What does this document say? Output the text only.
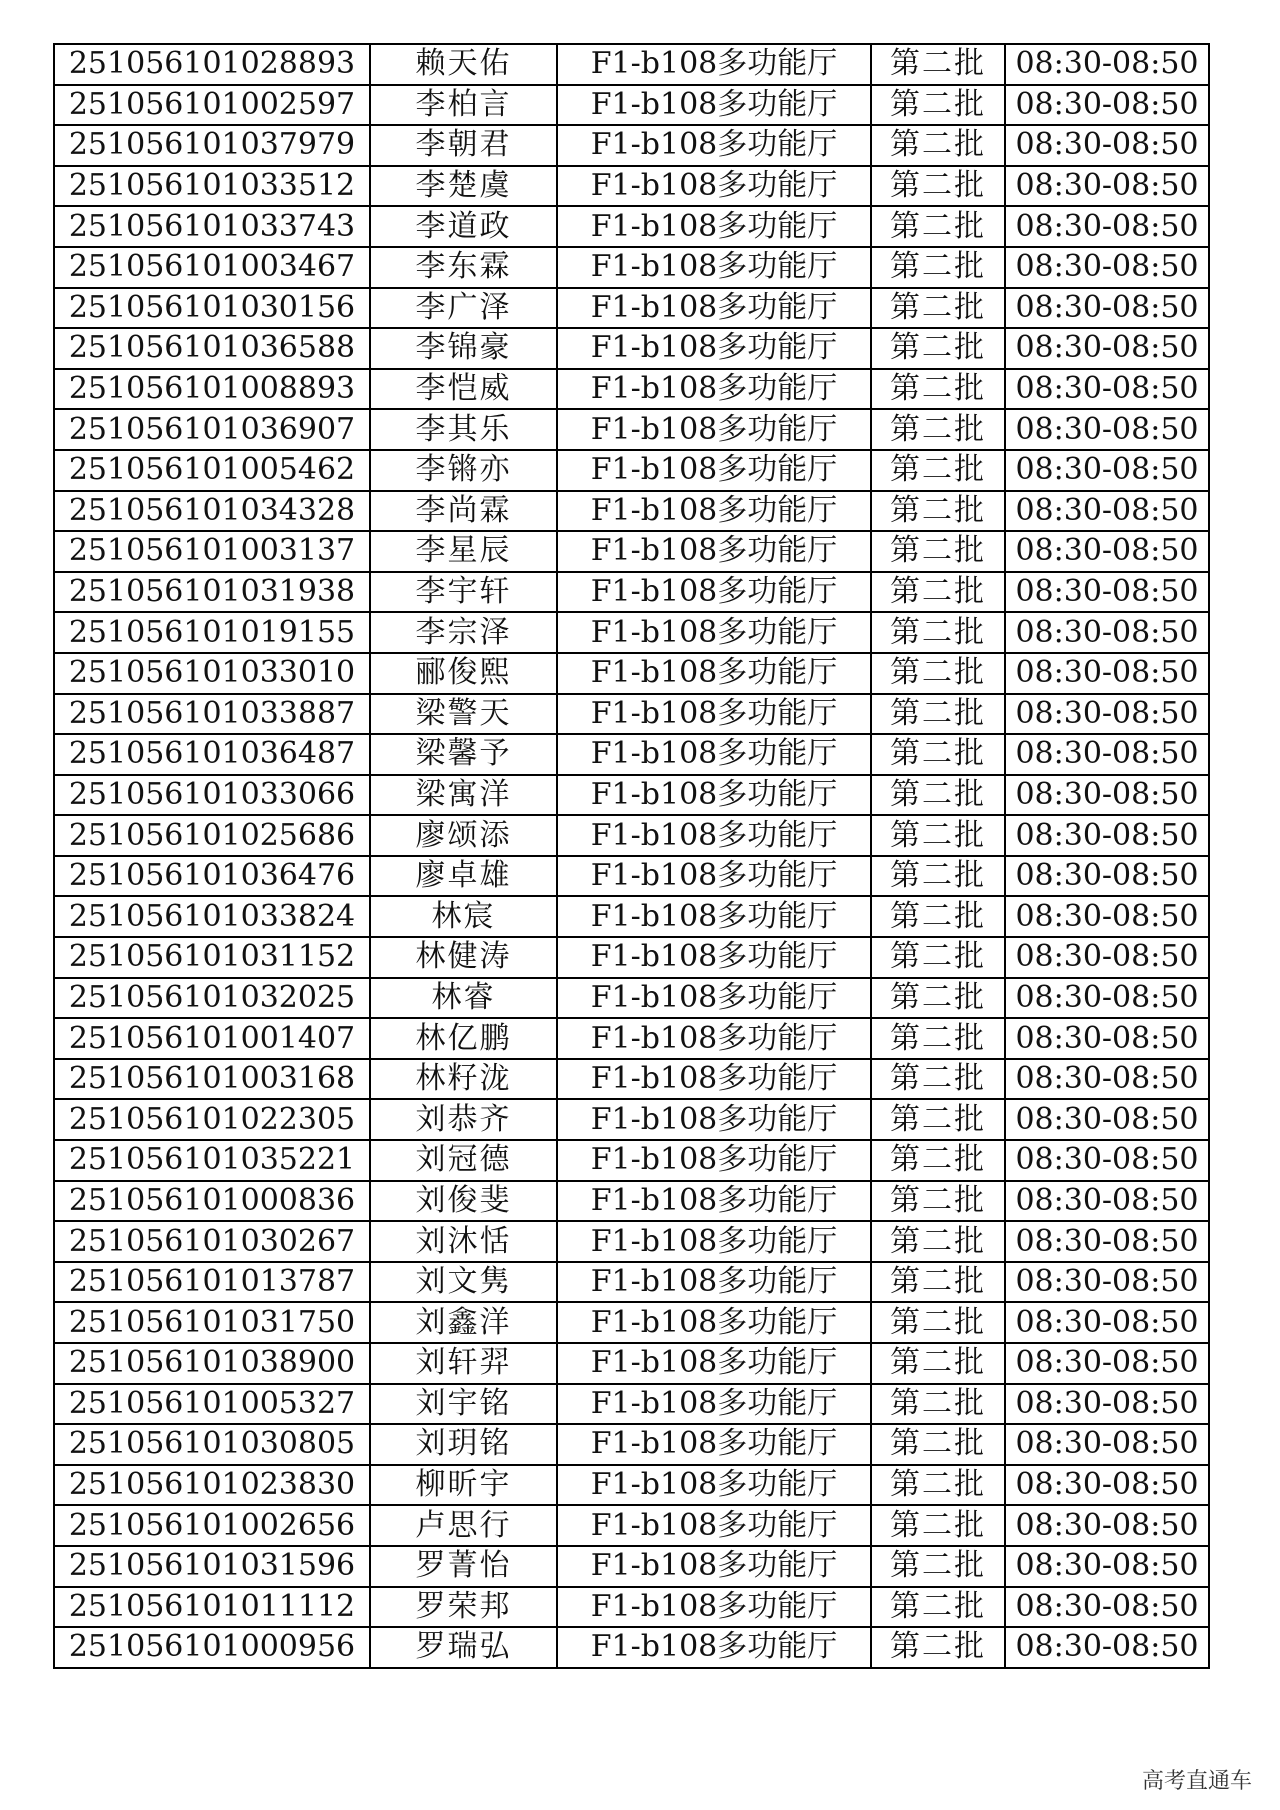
251056101028893	赖天佑	F1-b108多功能厅	第二批	08:30-08:50
251056101002597	李柏言	F1-b108多功能厅	第二批	08:30-08:50
251056101037979	李朝君	F1-b108多功能厅	第二批	08:30-08:50
251056101033512	李楚虞	F1-b108多功能厅	第二批	08:30-08:50
251056101033743	李道政	F1-b108多功能厅	第二批	08:30-08:50
251056101003467	李东霖	F1-b108多功能厅	第二批	08:30-08:50
251056101030156	李广泽	F1-b108多功能厅	第二批	08:30-08:50
251056101036588	李锦豪	F1-b108多功能厅	第二批	08:30-08:50
251056101008893	李恺威	F1-b108多功能厅	第二批	08:30-08:50
251056101036907	李其乐	F1-b108多功能厅	第二批	08:30-08:50
251056101005462	李锵亦	F1-b108多功能厅	第二批	08:30-08:50
251056101034328	李尚霖	F1-b108多功能厅	第二批	08:30-08:50
251056101003137	李星辰	F1-b108多功能厅	第二批	08:30-08:50
251056101031938	李宇轩	F1-b108多功能厅	第二批	08:30-08:50
251056101019155	李宗泽	F1-b108多功能厅	第二批	08:30-08:50
251056101033010	郦俊熙	F1-b108多功能厅	第二批	08:30-08:50
251056101033887	梁警天	F1-b108多功能厅	第二批	08:30-08:50
251056101036487	梁馨予	F1-b108多功能厅	第二批	08:30-08:50
251056101033066	梁寓洋	F1-b108多功能厅	第二批	08:30-08:50
251056101025686	廖颂添	F1-b108多功能厅	第二批	08:30-08:50
251056101036476	廖卓雄	F1-b108多功能厅	第二批	08:30-08:50
251056101033824	林宸	F1-b108多功能厅	第二批	08:30-08:50
251056101031152	林健涛	F1-b108多功能厅	第二批	08:30-08:50
251056101032025	林睿	F1-b108多功能厅	第二批	08:30-08:50
251056101001407	林亿鹏	F1-b108多功能厅	第二批	08:30-08:50
251056101003168	林籽泷	F1-b108多功能厅	第二批	08:30-08:50
251056101022305	刘恭齐	F1-b108多功能厅	第二批	08:30-08:50
251056101035221	刘冠德	F1-b108多功能厅	第二批	08:30-08:50
251056101000836	刘俊斐	F1-b108多功能厅	第二批	08:30-08:50
251056101030267	刘沐恬	F1-b108多功能厅	第二批	08:30-08:50
251056101013787	刘文隽	F1-b108多功能厅	第二批	08:30-08:50
251056101031750	刘鑫洋	F1-b108多功能厅	第二批	08:30-08:50
251056101038900	刘轩羿	F1-b108多功能厅	第二批	08:30-08:50
251056101005327	刘宇铭	F1-b108多功能厅	第二批	08:30-08:50
251056101030805	刘玥铭	F1-b108多功能厅	第二批	08:30-08:50
251056101023830	柳昕宇	F1-b108多功能厅	第二批	08:30-08:50
251056101002656	卢思行	F1-b108多功能厅	第二批	08:30-08:50
251056101031596	罗菁怡	F1-b108多功能厅	第二批	08:30-08:50
251056101011112	罗荣邦	F1-b108多功能厅	第二批	08:30-08:50
251056101000956	罗瑞弘	F1-b108多功能厅	第二批	08:30-08:50
高考直通车
